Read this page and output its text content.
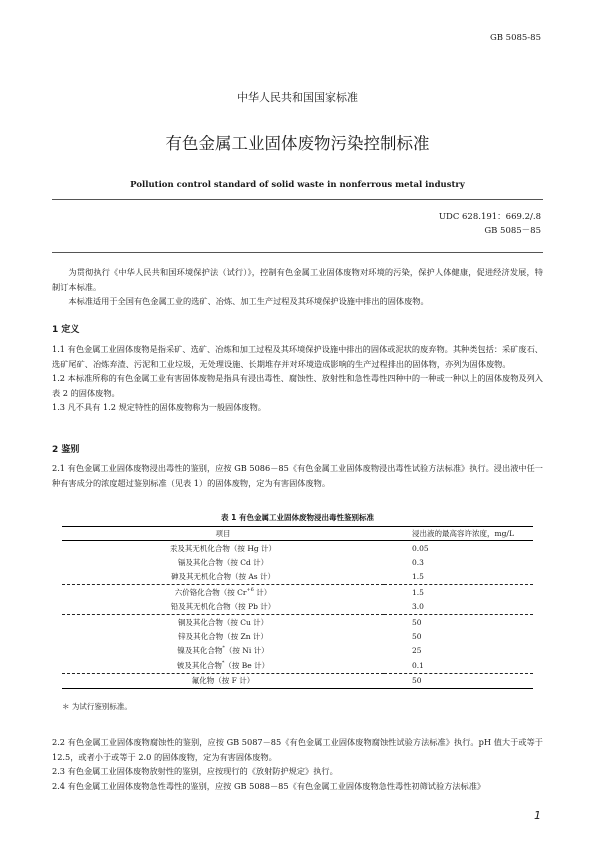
GB 5085-85
中华人民共和国国家标准
有色金属工业固体废物污染控制标准
Pollution control standard of solid waste in nonferrous metal industry
UDC 628.191：669.2/.8
GB 5085－85

为贯彻执行《中华人民共和国环境保护法（试行）》，控制有色金属工业固体废物对环境的污染，保护人体健康，促进经济发展，特制订本标准。

本标准适用于全国有色金属工业的选矿、冶炼、加工生产过程及其环境保护设施中排出的固体废物。

1 定义

1.1 有色金属工业固体废物是指采矿、选矿、冶炼和加工过程及其环境保护设施中排出的固体或泥状的废弃物。其种类包括：采矿废石、选矿尾矿、冶炼弃渣、污泥和工业垃圾，无处理设施、长期堆存并对环境造成影响的生产过程排出的固体物，亦列为固体废物。

1.2 本标准所称的有色金属工业有害固体废物是指具有浸出毒性、腐蚀性、放射性和急性毒性四种中的一种或一种以上的固体废物及列入表 2 的固体废物。

1.3 凡不具有 1.2 规定特性的固体废物称为一般固体废物。

2 鉴别

2.1 有色金属工业固体废物浸出毒性的鉴别，应按 GB 5086－85《有色金属工业固体废物浸出毒性试验方法标准》执行。浸出液中任一种有害成分的浓度超过鉴别标准（见表 1）的固体废物，定为有害固体废物。

表 1 有色金属工业固体废物浸出毒性鉴别标准
项目	浸出液的最高容许浓度，mg/L
汞及其无机化合物（按 Hg 计）	0.05
镉及其化合物（按 Cd 计）	0.3
砷及其无机化合物（按 As 计）	1.5
六价铬化合物（按 $Cr^{+6}$ 计）	1.5
铅及其无机化合物（按 Pb 计）	3.0
铜及其化合物（按 Cu 计）	50
锌及其化合物（按 Zn 计）	50
镍及其化合物*（按 Ni 计）	25
铍及其化合物*（按 Be 计）	0.1
氟化物（按 F 计）	50
＊ 为试行鉴别标准。

2.2 有色金属工业固体废物腐蚀性的鉴别，应按 GB 5087－85《有色金属工业固体废物腐蚀性试验方法标准》执行。pH 值大于或等于 12.5，或者小于或等于 2.0 的固体废物，定为有害固体废物。

2.3 有色金属工业固体废物放射性的鉴别，应按现行的《放射防护规定》执行。

2.4 有色金属工业固体废物急性毒性的鉴别，应按 GB 5088－85《有色金属工业固体废物急性毒性初筛试验方法标准》

1
